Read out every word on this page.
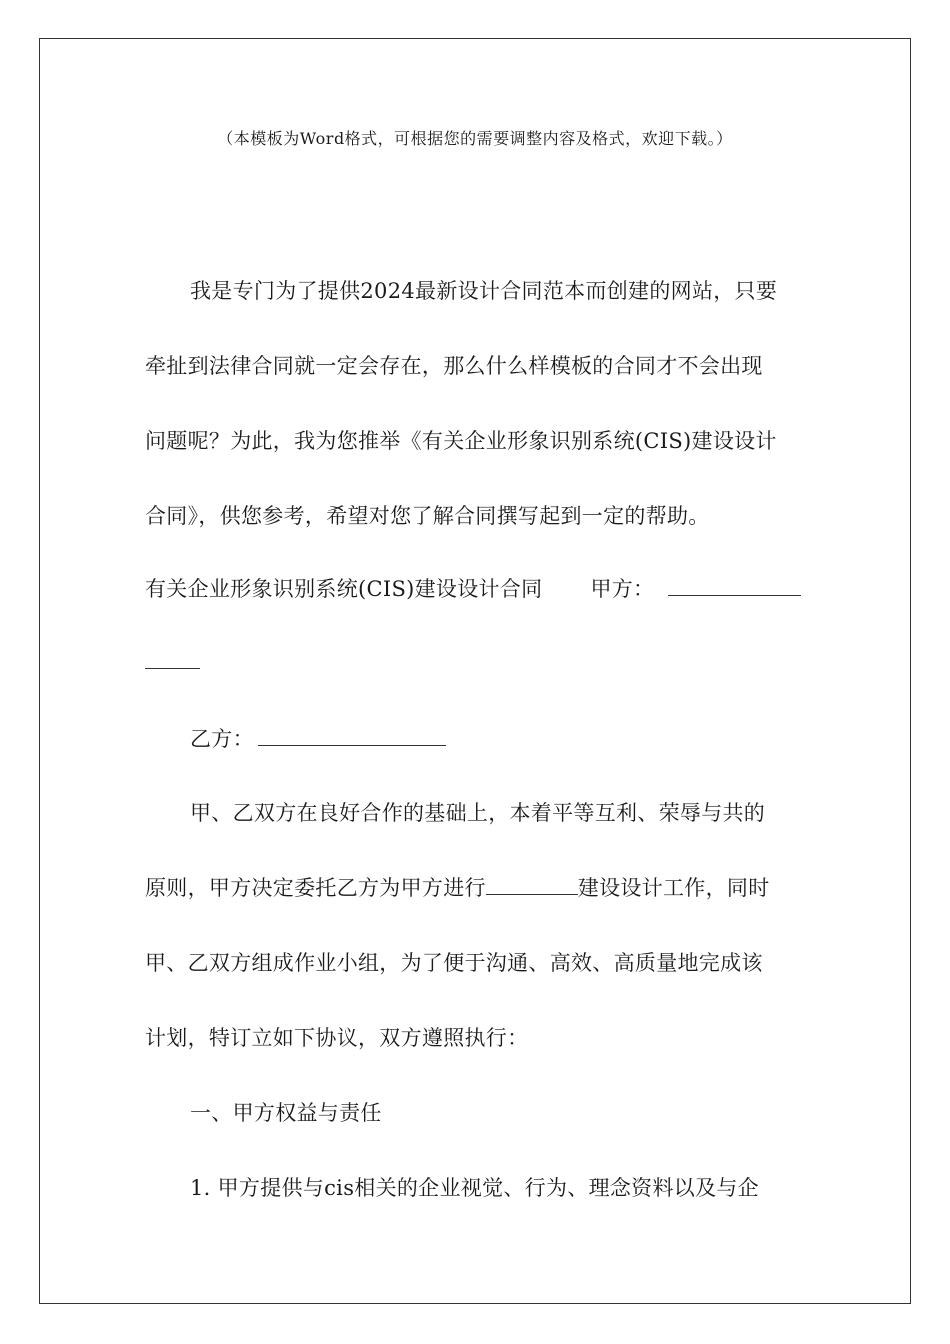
（本模板为Word格式，可根据您的需要调整内容及格式，欢迎下载。）
我是专门为了提供2024最新设计合同范本而创建的网站，只要
牵扯到法律合同就一定会存在，那么什么样模板的合同才不会出现
问题呢？为此，我为您推举《有关企业形象识别系统(CIS)建设设计
合同》，供您参考，希望对您了解合同撰写起到一定的帮助。
有关企业形象识别系统(CIS)建设设计合同 甲方：
乙方：
甲、乙双方在良好合作的基础上，本着平等互利、荣辱与共的
原则，甲方决定委托乙方为甲方进行	建设设计工作，同时
甲、乙双方组成作业小组，为了便于沟通、高效、高质量地完成该
计划，特订立如下协议，双方遵照执行：
一、甲方权益与责任
1. 甲方提供与cis相关的企业视觉、行为、理念资料以及与企
